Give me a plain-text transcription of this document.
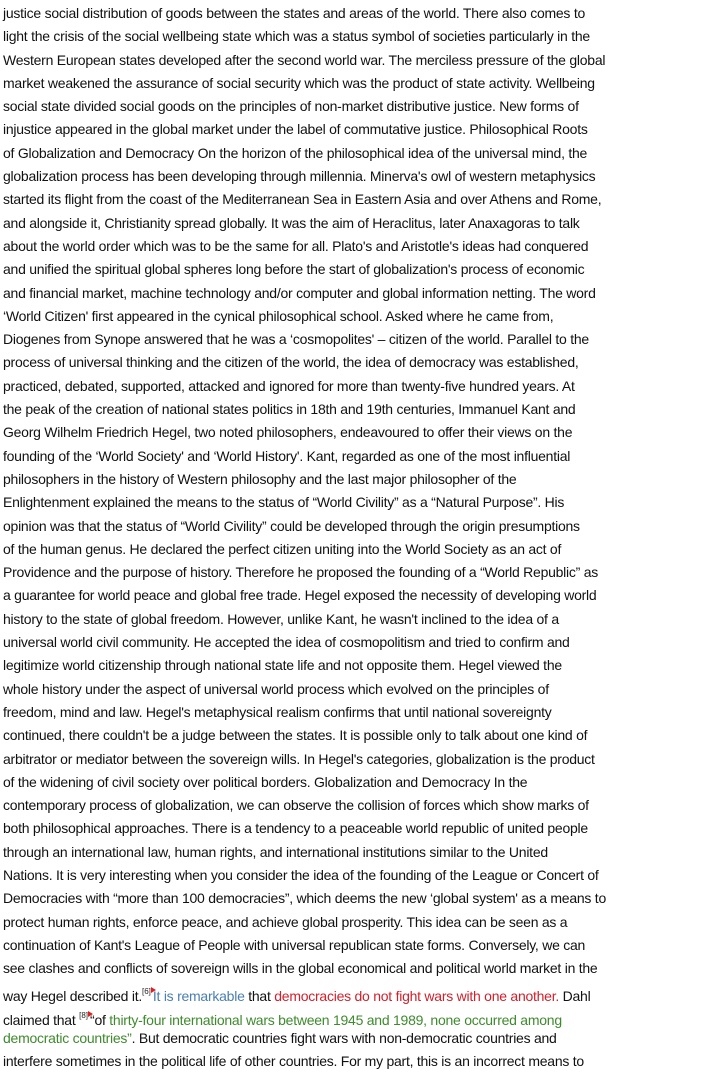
justice social distribution of goods between the states and areas of the world. There also comes to
light the crisis of the social wellbeing state which was a status symbol of societies particularly in the
Western European states developed after the second world war. The merciless pressure of the global
market weakened the assurance of social security which was the product of state activity. Wellbeing
social state divided social goods on the principles of non-market distributive justice. New forms of
injustice appeared in the global market under the label of commutative justice. Philosophical Roots
of Globalization and Democracy On the horizon of the philosophical idea of the universal mind, the
globalization process has been developing through millennia. Minerva's owl of western metaphysics
started its flight from the coast of the Mediterranean Sea in Eastern Asia and over Athens and Rome,
and alongside it, Christianity spread globally. It was the aim of Heraclitus, later Anaxagoras to talk
about the world order which was to be the same for all. Plato's and Aristotle's ideas had conquered
and unified the spiritual global spheres long before the start of globalization's process of economic
and financial market, machine technology and/or computer and global information netting. The word
‘World Citizen' first appeared in the cynical philosophical school. Asked where he came from,
Diogenes from Synope answered that he was a ‘cosmopolites' – citizen of the world. Parallel to the
process of universal thinking and the citizen of the world, the idea of democracy was established,
practiced, debated, supported, attacked and ignored for more than twenty-five hundred years. At
the peak of the creation of national states politics in 18th and 19th centuries, Immanuel Kant and
Georg Wilhelm Friedrich Hegel, two noted philosophers, endeavoured to offer their views on the
founding of the ‘World Society' and ‘World History'. Kant, regarded as one of the most influential
philosophers in the history of Western philosophy and the last major philosopher of the
Enlightenment explained the means to the status of “World Civility” as a “Natural Purpose”. His
opinion was that the status of “World Civility” could be developed through the origin presumptions
of the human genus. He declared the perfect citizen uniting into the World Society as an act of
Providence and the purpose of history. Therefore he proposed the founding of a “World Republic” as
a guarantee for world peace and global free trade. Hegel exposed the necessity of developing world
history to the state of global freedom. However, unlike Kant, he wasn't inclined to the idea of a
universal world civil community. He accepted the idea of cosmopolitism and tried to confirm and
legitimize world citizenship through national state life and not opposite them. Hegel viewed the
whole history under the aspect of universal world process which evolved on the principles of
freedom, mind and law. Hegel's metaphysical realism confirms that until national sovereignty
continued, there couldn't be a judge between the states. It is possible only to talk about one kind of
arbitrator or mediator between the sovereign wills. In Hegel's categories, globalization is the product
of the widening of civil society over political borders. Globalization and Democracy In the
contemporary process of globalization, we can observe the collision of forces which show marks of
both philosophical approaches. There is a tendency to a peaceable world republic of united people
through an international law, human rights, and international institutions similar to the United
Nations. It is very interesting when you consider the idea of the founding of the League or Concert of
Democracies with “more than 100 democracies”, which deems the new ‘global system' as a means to
protect human rights, enforce peace, and achieve global prosperity. This idea can be seen as a
continuation of Kant's League of People with universal republican state forms. Conversely, we can
see clashes and conflicts of sovereign wills in the global economical and political world market in the
way Hegel described it.[6] It is remarkable that democracies do not fight wars with one another. Dahl
claimed that [8] “of thirty-four international wars between 1945 and 1989, none occurred among
democratic countries”. But democratic countries fight wars with non-democratic countries and
interfere sometimes in the political life of other countries. For my part, this is an incorrect means to
